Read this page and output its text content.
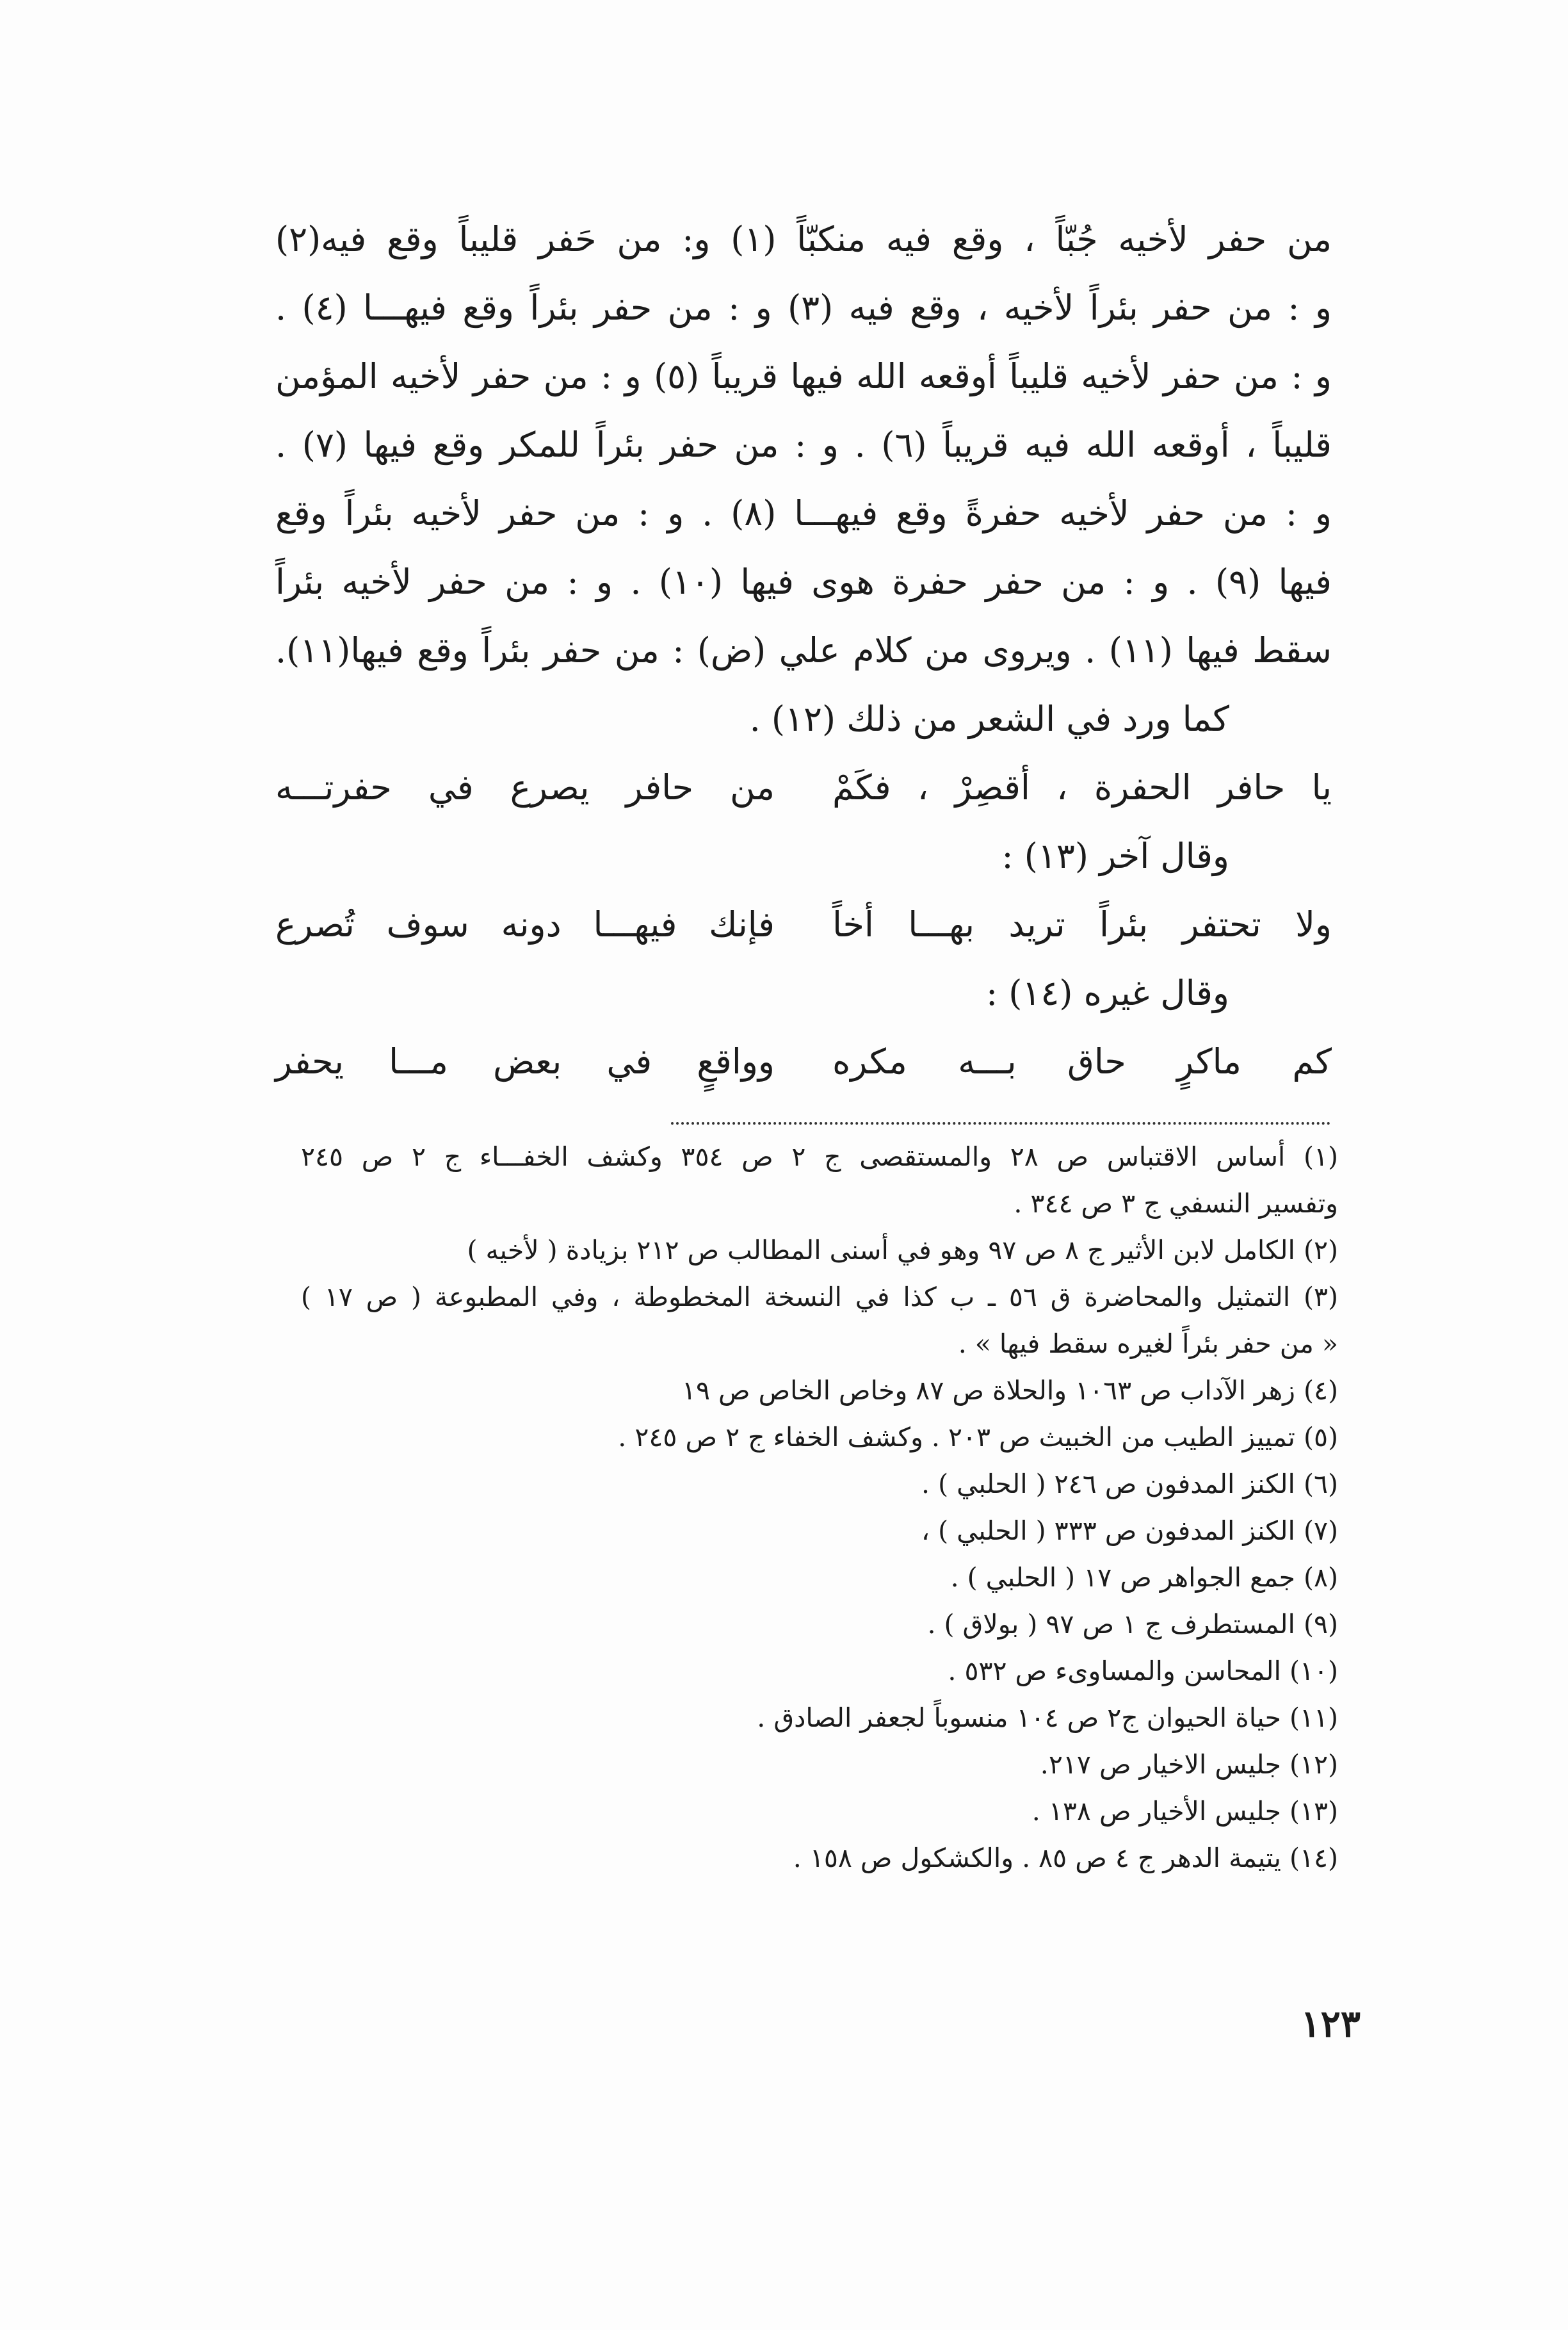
من حفر لأخيه جُبّاً ، وقع فيه منكبّاً (١) و: من حَفر قليباً وقع فيه(٢)
و : من حفر بئراً لأخيه ، وقع فيه (٣) و : من حفر بئراً وقع فيهـــا (٤) .
و : من حفر لأخيه قليباً أوقعه الله فيها قريباً (٥) و : من حفر لأخيه المؤمن
قليباً ، أوقعه الله فيه قريباً (٦) . و : من حفر بئراً للمكر وقع فيها (٧) .
و : من حفر لأخيه حفرةً وقع فيهـــا (٨) . و : من حفر لأخيه بئراً وقع
فيها (٩) . و : من حفر حفرة هوى فيها (١٠) . و : من حفر لأخيه بئراً
سقط فيها (١١) . ويروى من كلام علي (ض) : من حفر بئراً وقع فيها(١١).
كما ورد في الشعر من ذلك (١٢) .
يا حافر الحفرة ، أقصِرْ ، فكَمْ
من حافر يصرع في حفرتـــه
وقال آخر (١٣) :
ولا تحتفر بئراً تريد بهـــا أخاً
فإنك فيهـــا دونه سوف تُصرع
وقال غيره (١٤) :
كم ماكرٍ حاق بـــه مكره
وواقعٍ في بعض مـــا يحفر
(١) أساس الاقتباس ص ٢٨ والمستقصى ج ٢ ص ٣٥٤ وكشف الخفـــاء ج ٢ ص ٢٤٥
وتفسير النسفي ج ٣ ص ٣٤٤ .
(٢) الكامل لابن الأثير ج ٨ ص ٩٧ وهو في أسنى المطالب ص ٢١٢ بزيادة ( لأخيه )
(٣) التمثيل والمحاضرة ق ٥٦ ـ ب كذا في النسخة المخطوطة ، وفي المطبوعة ( ص ١٧ )
« من حفر بئراً لغيره سقط فيها » .
(٤) زهر الآداب ص ١٠٦٣ والحلاة ص ٨٧ وخاص الخاص ص ١٩
(٥) تمييز الطيب من الخبيث ص ٢٠٣ . وكشف الخفاء ج ٢ ص ٢٤٥ .
(٦) الكنز المدفون ص ٢٤٦ ( الحلبي ) .
(٧) الكنز المدفون ص ٣٣٣ ( الحلبي ) ،
(٨) جمع الجواهر ص ١٧ ( الحلبي ) .
(٩) المستطرف ج ١ ص ٩٧ ( بولاق ) .
(١٠) المحاسن والمساوىء ص ٥٣٢ .
(١١) حياة الحيوان ج٢ ص ١٠٤ منسوباً لجعفر الصادق .
(١٢) جليس الاخيار ص ٢١٧.
(١٣) جليس الأخيار ص ١٣٨ .
(١٤) يتيمة الدهر ج ٤ ص ٨٥ . والكشكول ص ١٥٨ .
١٢٣
